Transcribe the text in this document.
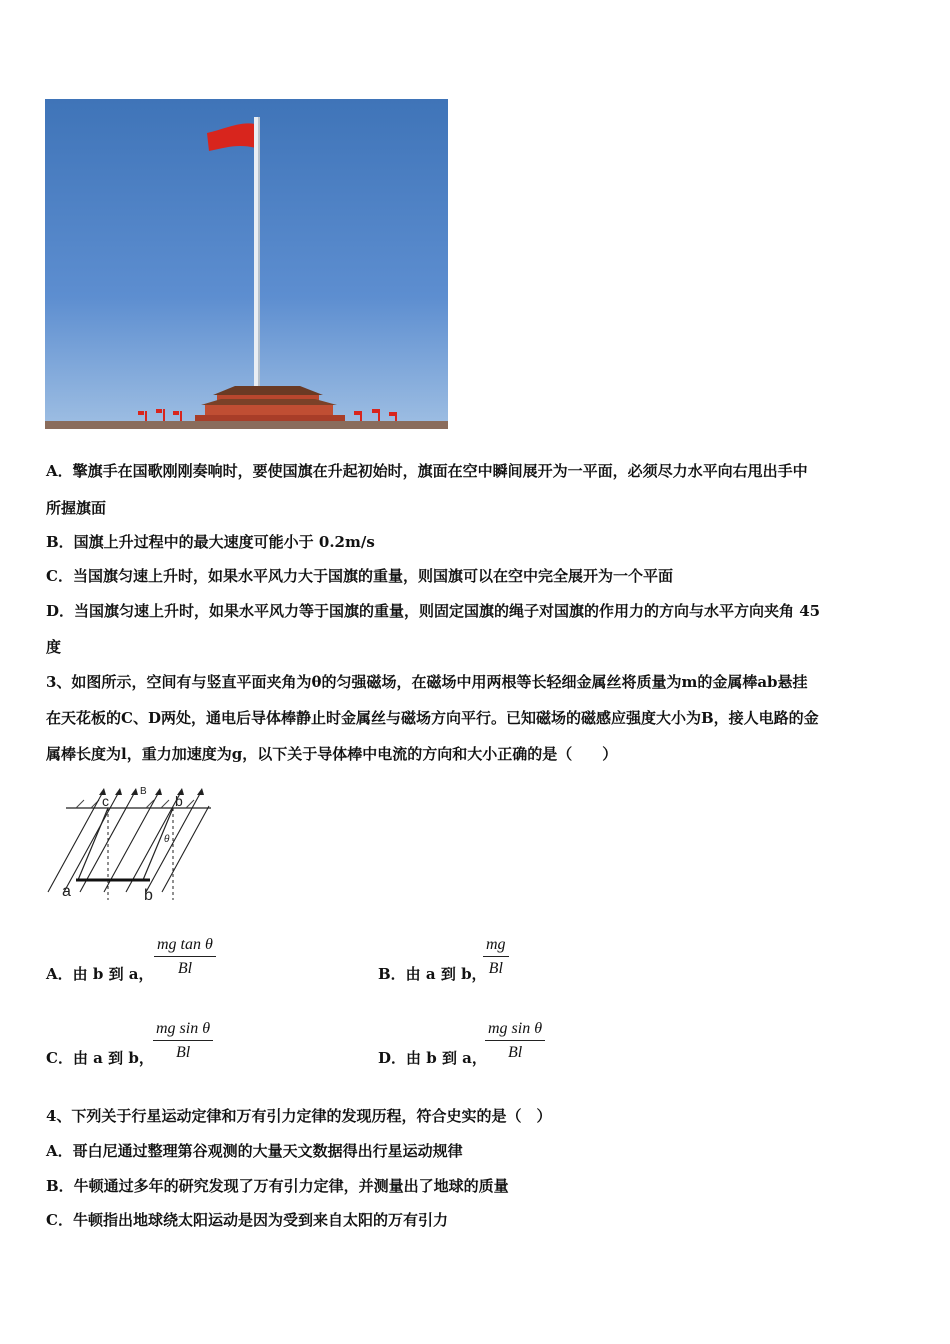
A．擎旗手在国歌刚刚奏响时，要使国旗在升起初始时，旗面在空中瞬间展开为一平面，必须尽力水平向右甩出手中
所握旗面
B．国旗上升过程中的最大速度可能小于 0.2m/s
C．当国旗匀速上升时，如果水平风力大于国旗的重量，则国旗可以在空中完全展开为一个平面
D．当国旗匀速上升时，如果水平风力等于国旗的重量，则固定国旗的绳子对国旗的作用力的方向与水平方向夹角 45
度
3、如图所示，空间有与竖直平面夹角为θ的匀强磁场，在磁场中用两根等长轻细金属丝将质量为m的金属棒ab悬挂
在天花板的C、D两处，通电后导体棒静止时金属丝与磁场方向平行。已知磁场的磁感应强度大小为B，接人电路的金
属棒长度为l，重力加速度为g，以下关于导体棒中电流的方向和大小正确的是（　　）
c	b
B
θ
a	b
A．由 b 到 a， $\frac{\text{mg tan θ}}{Bl}$	B．由 a 到 b，
$\frac{mg}{Bl}$
C．由 a 到 b， $\frac{\text{mg sin θ}}{Bl}$	D．由 b 到 a，
$\frac{\text{mg sin θ}}{Bl}$
4、下列关于行星运动定律和万有引力定律的发现历程，符合史实的是（　）
A．哥白尼通过整理第谷观测的大量天文数据得出行星运动规律
B．牛顿通过多年的研究发现了万有引力定律，并测量出了地球的质量
C．牛顿指出地球绕太阳运动是因为受到来自太阳的万有引力
